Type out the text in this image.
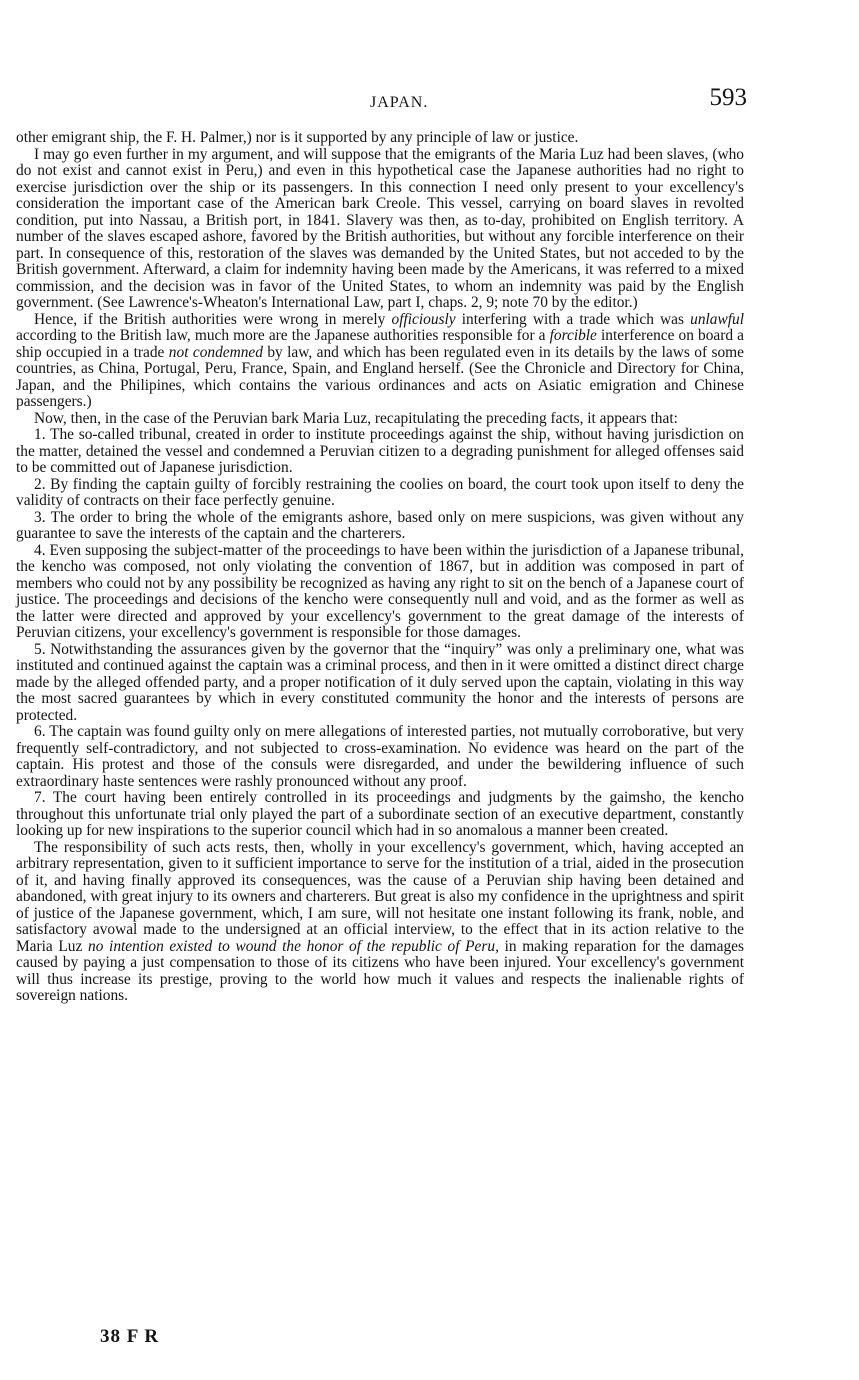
JAPAN.	593

other emigrant ship, the F. H. Palmer,) nor is it supported by any principle of law or justice.

I may go even further in my argument, and will suppose that the emigrants of the Maria Luz had been slaves, (who do not exist and cannot exist in Peru,) and even in this hypothetical case the Japanese authorities had no right to exercise jurisdiction over the ship or its passengers. In this connection I need only present to your excellency's consideration the important case of the American bark Creole. This vessel, carrying on board slaves in revolted condition, put into Nassau, a British port, in 1841. Slavery was then, as to-day, prohibited on English territory. A number of the slaves escaped ashore, favored by the British authorities, but without any forcible interference on their part. In consequence of this, restoration of the slaves was demanded by the United States, but not acceded to by the British government. Afterward, a claim for indemnity having been made by the Americans, it was referred to a mixed commission, and the decision was in favor of the United States, to whom an indemnity was paid by the English government. (See Lawrence's-Wheaton's International Law, part I, chaps. 2, 9; note 70 by the editor.)

Hence, if the British authorities were wrong in merely officiously interfering with a trade which was unlawful according to the British law, much more are the Japanese authorities responsible for a forcible interference on board a ship occupied in a trade not condemned by law, and which has been regulated even in its details by the laws of some countries, as China, Portugal, Peru, France, Spain, and England herself. (See the Chronicle and Directory for China, Japan, and the Philipines, which contains the various ordinances and acts on Asiatic emigration and Chinese passengers.)

Now, then, in the case of the Peruvian bark Maria Luz, recapitulating the preceding facts, it appears that:

1. The so-called tribunal, created in order to institute proceedings against the ship, without having jurisdiction on the matter, detained the vessel and condemned a Peruvian citizen to a degrading punishment for alleged offenses said to be committed out of Japanese jurisdiction.

2. By finding the captain guilty of forcibly restraining the coolies on board, the court took upon itself to deny the validity of contracts on their face perfectly genuine.

3. The order to bring the whole of the emigrants ashore, based only on mere suspicions, was given without any guarantee to save the interests of the captain and the charterers.

4. Even supposing the subject-matter of the proceedings to have been within the jurisdiction of a Japanese tribunal, the kencho was composed, not only violating the convention of 1867, but in addition was composed in part of members who could not by any possibility be recognized as having any right to sit on the bench of a Japanese court of justice. The proceedings and decisions of the kencho were consequently null and void, and as the former as well as the latter were directed and approved by your excellency's government to the great damage of the interests of Peruvian citizens, your excellency's government is responsible for those damages.

5. Notwithstanding the assurances given by the governor that the “inquiry” was only a preliminary one, what was instituted and continued against the captain was a criminal process, and then in it were omitted a distinct direct charge made by the alleged offended party, and a proper notification of it duly served upon the captain, violating in this way the most sacred guarantees by which in every constituted community the honor and the interests of persons are protected.

6. The captain was found guilty only on mere allegations of interested parties, not mutually corroborative, but very frequently self-contradictory, and not subjected to cross-examination. No evidence was heard on the part of the captain. His protest and those of the consuls were disregarded, and under the bewildering influence of such extraordinary haste sentences were rashly pronounced without any proof.

7. The court having been entirely controlled in its proceedings and judgments by the gaimsho, the kencho throughout this unfortunate trial only played the part of a subordinate section of an executive department, constantly looking up for new inspirations to the superior council which had in so anomalous a manner been created.

The responsibility of such acts rests, then, wholly in your excellency's government, which, having accepted an arbitrary representation, given to it sufficient importance to serve for the institution of a trial, aided in the prosecution of it, and having finally approved its consequences, was the cause of a Peruvian ship having been detained and abandoned, with great injury to its owners and charterers. But great is also my confidence in the uprightness and spirit of justice of the Japanese government, which, I am sure, will not hesitate one instant following its frank, noble, and satisfactory avowal made to the undersigned at an official interview, to the effect that in its action relative to the Maria Luz no intention existed to wound the honor of the republic of Peru, in making reparation for the damages caused by paying a just compensation to those of its citizens who have been injured. Your excellency's government will thus increase its prestige, proving to the world how much it values and respects the inalienable rights of sovereign nations.

38 F R
